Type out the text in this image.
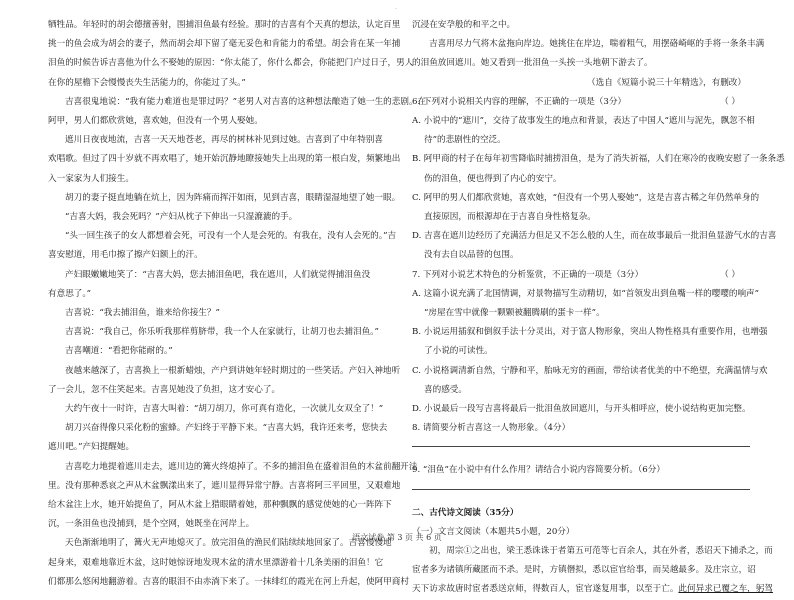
·

牺牲品。年轻时的胡会德擅善射，围捕泪鱼最有经验。那时的吉喜有个天真的想法，认定百里

挑一的鱼会成为胡会的妻子，然而胡会却下留了毫无妥色和肯能力的希望。胡会肯在某一年捕

泪鱼的时候告诉吉喜他为什么不娶她的原因：“你太能了，你什么都会，你能把门户过日子，男人

在你的屋檐下会慢慢丧失生活能力的，你能过了头。”

吉喜很鬼地说：“我有能力难道也是罪过吗？”老男人对吉喜的这种想法酿造了她一生的悲剧。在

阿甲，男人们都欣赏她，喜欢她，但没有一个男人娶她。

遮川日夜夜地流，吉喜一天天地苍老，再尽的树林补见到过她。吉喜到了中年特别喜

欢唱歌。但过了四十岁就不再欢唱了，她开始沉静地瞭接她失上出现的第一根白发，频繁地出

入一家家为人们接生。

胡刀的妻子挺直地躺在炕上，因为阵痛而挥汗如雨，见到吉喜，眼睛湿湿地望了她一眼。

“吉喜大妈，我会死吗？”产妇从枕子下伸出一只湿漉漉的手。

“头一回生孩子的女人都想着会死，可没有一个人是会死的。有我在，没有人会死的。”吉

喜安慰道，用毛巾擦了擦产妇额上的汗。

产妇眼嫩嫩地笑了：“吉喜大妈，您去捕泪鱼吧，我在遮川，人们就觉得捕泪鱼没

有意思了。”

吉喜说：“我去捕泪鱼，谁来给你接生？”

吉喜说：“我自己，你乐听我那样剪脐带，我一个人在家就行，让胡刀也去捕泪鱼。”

吉喜嘲道：“看把你能耐的。”

夜越来越深了，吉喜换上一根新蜡烛，产户到讲她年轻时期过的一些笑话。产妇入神地听

了一会儿，忽不住笑起来。吉喜见她没了负担，这才安心了。

大约午夜十一时许，吉喜大叫着：“胡刀胡刀，你可真有造化，一次就儿女双全了！”

胡刀兴奋得像只采化粉的蜜蜂。产妇终于平静下来。“吉喜大妈，我许还来考，您快去

遮川吧。”产妇提醒她。

吉喜吃力地提着遮川走去，遮川边的篝火终熄掉了。不多的捕泪鱼在盛着泪鱼的木盆前翻开洼

里。没有那种悉哀之声从木盆飘漾出来了，遮川显得异常宁静。吉喜将阿三平回里，又艰难地

给木盆注上水，她开始提鱼了，阿从木盆上猎眼睛着她，那种飘飘的感觉使她的心一阵阵下

沉，一条泪鱼也没捕到，是个空网，她既坐在河岸上。

天色渐渐地明了，篝火无声地熄灭了。放完泪鱼的渔民们陆续续地回家了。吉喜慢慢地

起身来，艰难地靠近木盆，这时她惊讶地发现木盆的清水里漂游着十几条美丽的泪鱼！它

们都那么悠闲地翻游着。吉喜的眼泪不由赤淌下来了。一抹绯红的霞光在河上升起，使阿甲商村

沉浸在安孕般的和平之中。

吉喜用尽力气将木盆拖向岸边。她挑住在岸边，喘着粗气，用摆硌崎岖的手将一条条丰满

的泪鱼放回遮川。她又看到一批泪鱼一头挨一头地朝下游去了。

（选自《短篇小说三十年精选》，有删改）

6. 下列对小说相关内容的理解，不正确的一项是（3分）	（ ）

A. 小说中的“遮川”，交待了故事发生的地点和背景，表达了中国人“遮川与泥先，飘忽不相

待”的悲剧性的空泛。

B. 阿甲商的村子在每年初雪降临时捕捞泪鱼，是为了消失祈福，人们在寒冷的夜晚安慰了一条条悉

伤的泪鱼，便也得到了内心的安宁。

C. 阿甲的男人们都欣赏她，喜欢她，“但没有一个男人娶她”，这是吉喜古稀之年仍然单身的

直接原因，而根源却在于吉喜自身性格复杂。

D. 吉喜在遮川边经历了充满活力但足又不怎么般的人生，而在故事最后一批泪鱼显游气水的吉喜

没有去自以品替的包围。

7. 下列对小说艺术特色的分析鉴赏，不正确的一项是（3分）	（ ）

A. 这篇小说充满了北国情调，对景物描写生动精切，如“首领发出到鱼嘴一样的嘤嘤的响声”

“房屋在雪中就像一颗颗被翻腾刷的蛋卡一样”。

B. 小说运用插叙和倒叙手法十分灵出，对于富人物形象，突出人物性格具有重要作用，也增强

了小说的可读性。

C. 小说格调清新自然，宁静和平，胎咏无穷的画面，带给读者优美的中不绝望，充满温情与欢

喜的感受。

D. 小说最后一段写吉喜将最后一批泪鱼放回遮川，与开头相呼应，使小说结构更加完整。

8. 请简要分析吉喜这一人物形象。（4分）

9. “泪鱼”在小说中有什么作用？请结合小说内容简要分析。（6分）

二、古代诗文阅读（35分）

（一）文言文阅读（本题共5小题，20分）

初，周宗①之出也，梁王悉诛诛于者第五可范等七百余人，其在外者，悉诏天下捕杀之，而

宦者多为诸镇所藏匿而不杀。是时，方镇僭拟，悉以宦官给事，而吴越最多。及庄宗立，诏

天下访求故唐时宦者悉送京师，得数百人，宦官遂复用事，以至于亡。此何异求已覆之车，躬驾

语文试卷 第 3 页 共 6 页
